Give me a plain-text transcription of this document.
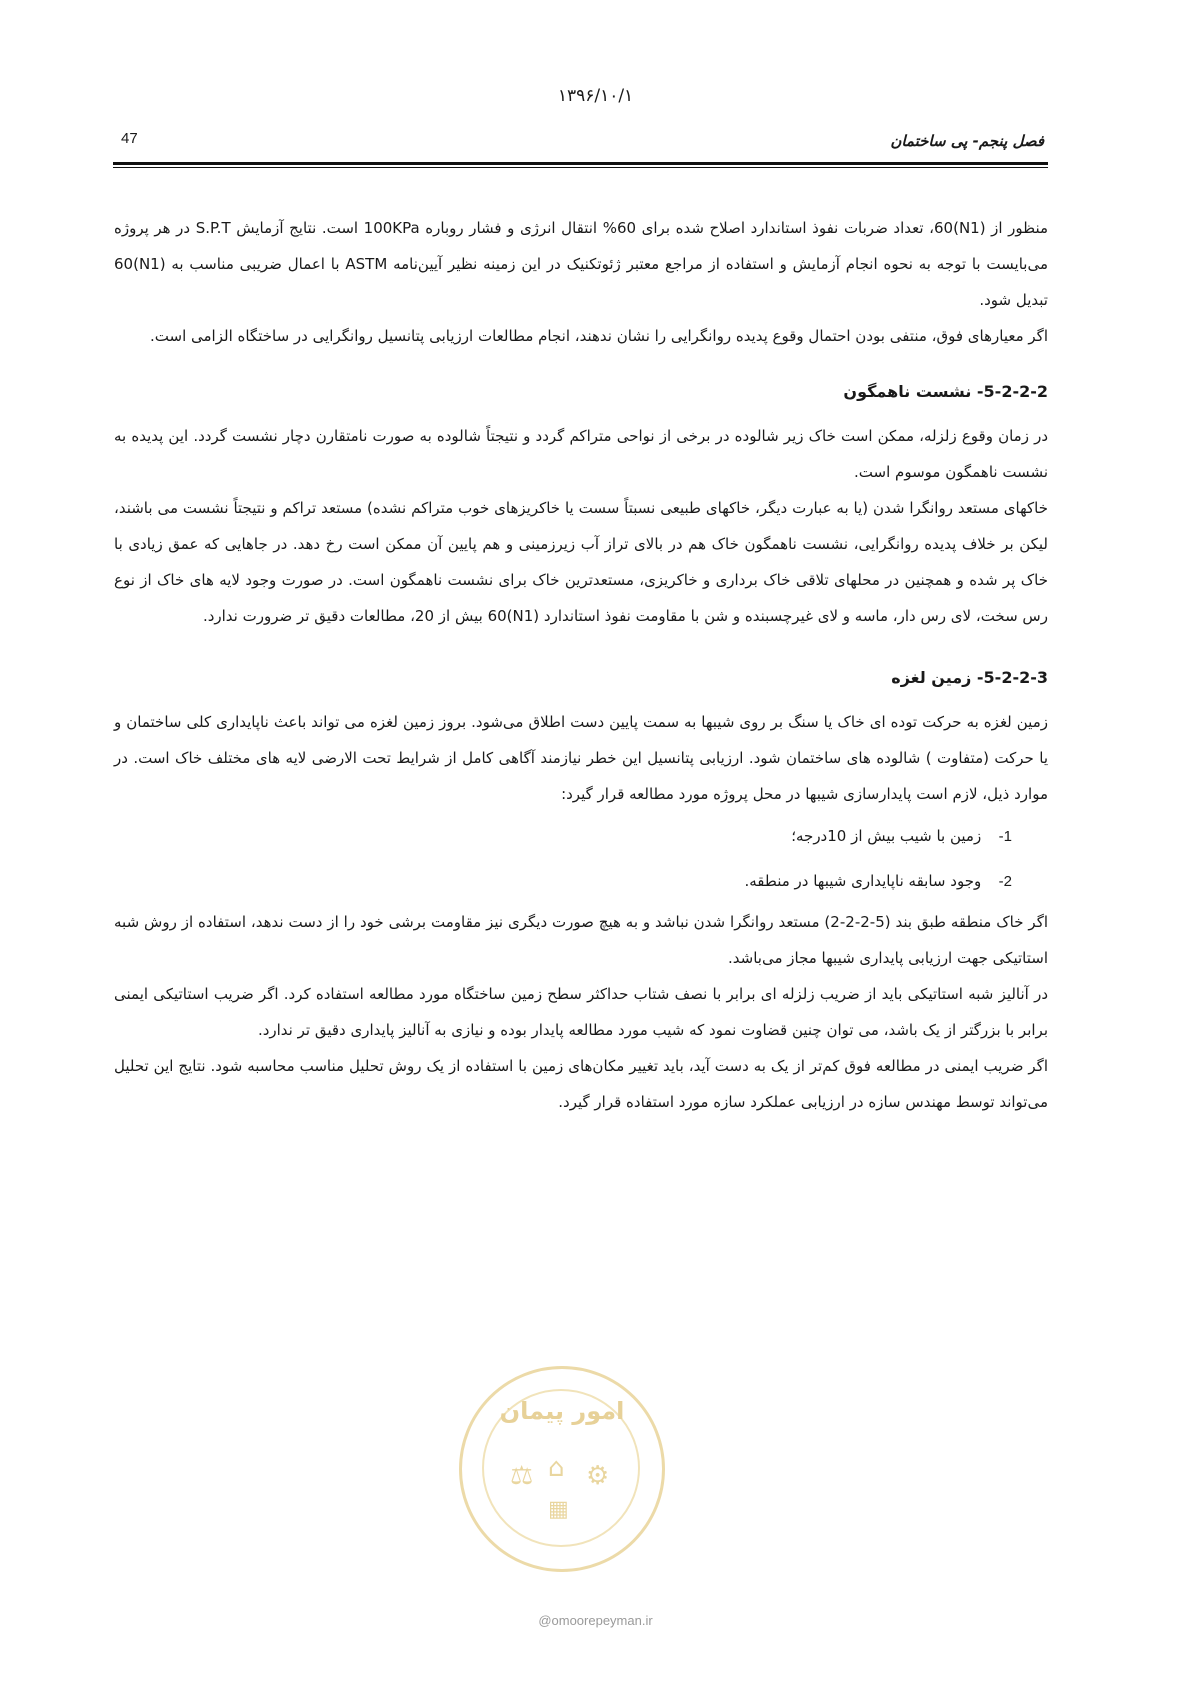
۱۳۹۶/۱۰/۱
47	فصل پنجم- پی ساختمان

منظور از (N1)60، تعداد ضربات نفوذ استاندارد اصلاح شده برای 60% انتقال انرژی و فشار روباره 100KPa است. نتایج آزمایش S.P.T در هر پروژه می‌بایست با توجه به نحوه انجام آزمایش و استفاده از مراجع معتبر ژئوتکنیک در این زمینه نظیر آیین‌نامه ASTM با اعمال ضریبی مناسب به (N1)60 تبدیل شود.

اگر معیارهای فوق، منتفی بودن احتمال وقوع پدیده روانگرایی را نشان ندهند، انجام مطالعات ارزیابی پتانسیل روانگرایی در ساختگاه الزامی است.

5-2-2-2- نشست ناهمگون

در زمان وقوع زلزله، ممکن است خاک زیر شالوده در برخی از نواحی متراکم گردد و نتیجتاً شالوده به صورت نامتقارن دچار نشست گردد. این پدیده به نشست ناهمگون موسوم است.

خاکهای مستعد روانگرا شدن (یا به عبارت دیگر، خاکهای طبیعی نسبتاً سست یا خاکریزهای خوب متراکم نشده) مستعد تراکم و نتیجتاً نشست می باشند، لیکن بر خلاف پدیده روانگرایی، نشست ناهمگون خاک هم در بالای تراز آب زیرزمینی و هم پایین آن ممکن است رخ دهد. در جاهایی که عمق زیادی با خاک پر شده و همچنین در محلهای تلاقی خاک برداری و خاکریزی، مستعدترین خاک برای نشست ناهمگون است. در صورت وجود لایه های خاک از نوع رس سخت، لای رس دار، ماسه و لای غیرچسبنده و شن با مقاومت نفوذ استاندارد (N1)60 بیش از 20، مطالعات دقیق تر ضرورت ندارد.

5-2-2-3- زمین لغزه

زمین لغزه به حرکت توده ای خاک یا سنگ بر روی شیبها به سمت پایین دست اطلاق می‌شود. بروز زمین لغزه می تواند باعث ناپایداری کلی ساختمان و یا حرکت (متفاوت ) شالوده های ساختمان شود. ارزیابی پتانسیل این خطر نیازمند آگاهی کامل از شرایط تحت الارضی لایه های مختلف خاک است. در موارد ذیل، لازم است پایدارسازی شیبها در محل پروژه مورد مطالعه قرار گیرد:

1- زمین با شیب بیش از 10درجه؛
2- وجود سابقه ناپایداری شیبها در منطقه.

اگر خاک منطقه طبق بند (5-2-2-2) مستعد روانگرا شدن نباشد و به هیچ صورت دیگری نیز مقاومت برشی خود را از دست ندهد، استفاده از روش شبه استاتیکی جهت ارزیابی پایداری شیبها مجاز می‌باشد.

در آنالیز شبه استاتیکی باید از ضریب زلزله ای برابر با نصف شتاب حداکثر سطح زمین ساختگاه مورد مطالعه استفاده کرد. اگر ضریب استاتیکی ایمنی برابر با بزرگتر از یک باشد، می توان چنین قضاوت نمود که شیب مورد مطالعه پایدار بوده و نیازی به آنالیز پایداری دقیق تر ندارد.

اگر ضریب ایمنی در مطالعه فوق کم‌تر از یک به دست آید، باید تغییر مکان‌های زمین با استفاده از یک روش تحلیل مناسب محاسبه شود. نتایج این تحلیل می‌تواند توسط مهندس سازه در ارزیابی عملکرد سازه مورد استفاده قرار گیرد.

امور پیمان
⚖ ⌂ ⚙
▦
@omoorepeyman.ir
